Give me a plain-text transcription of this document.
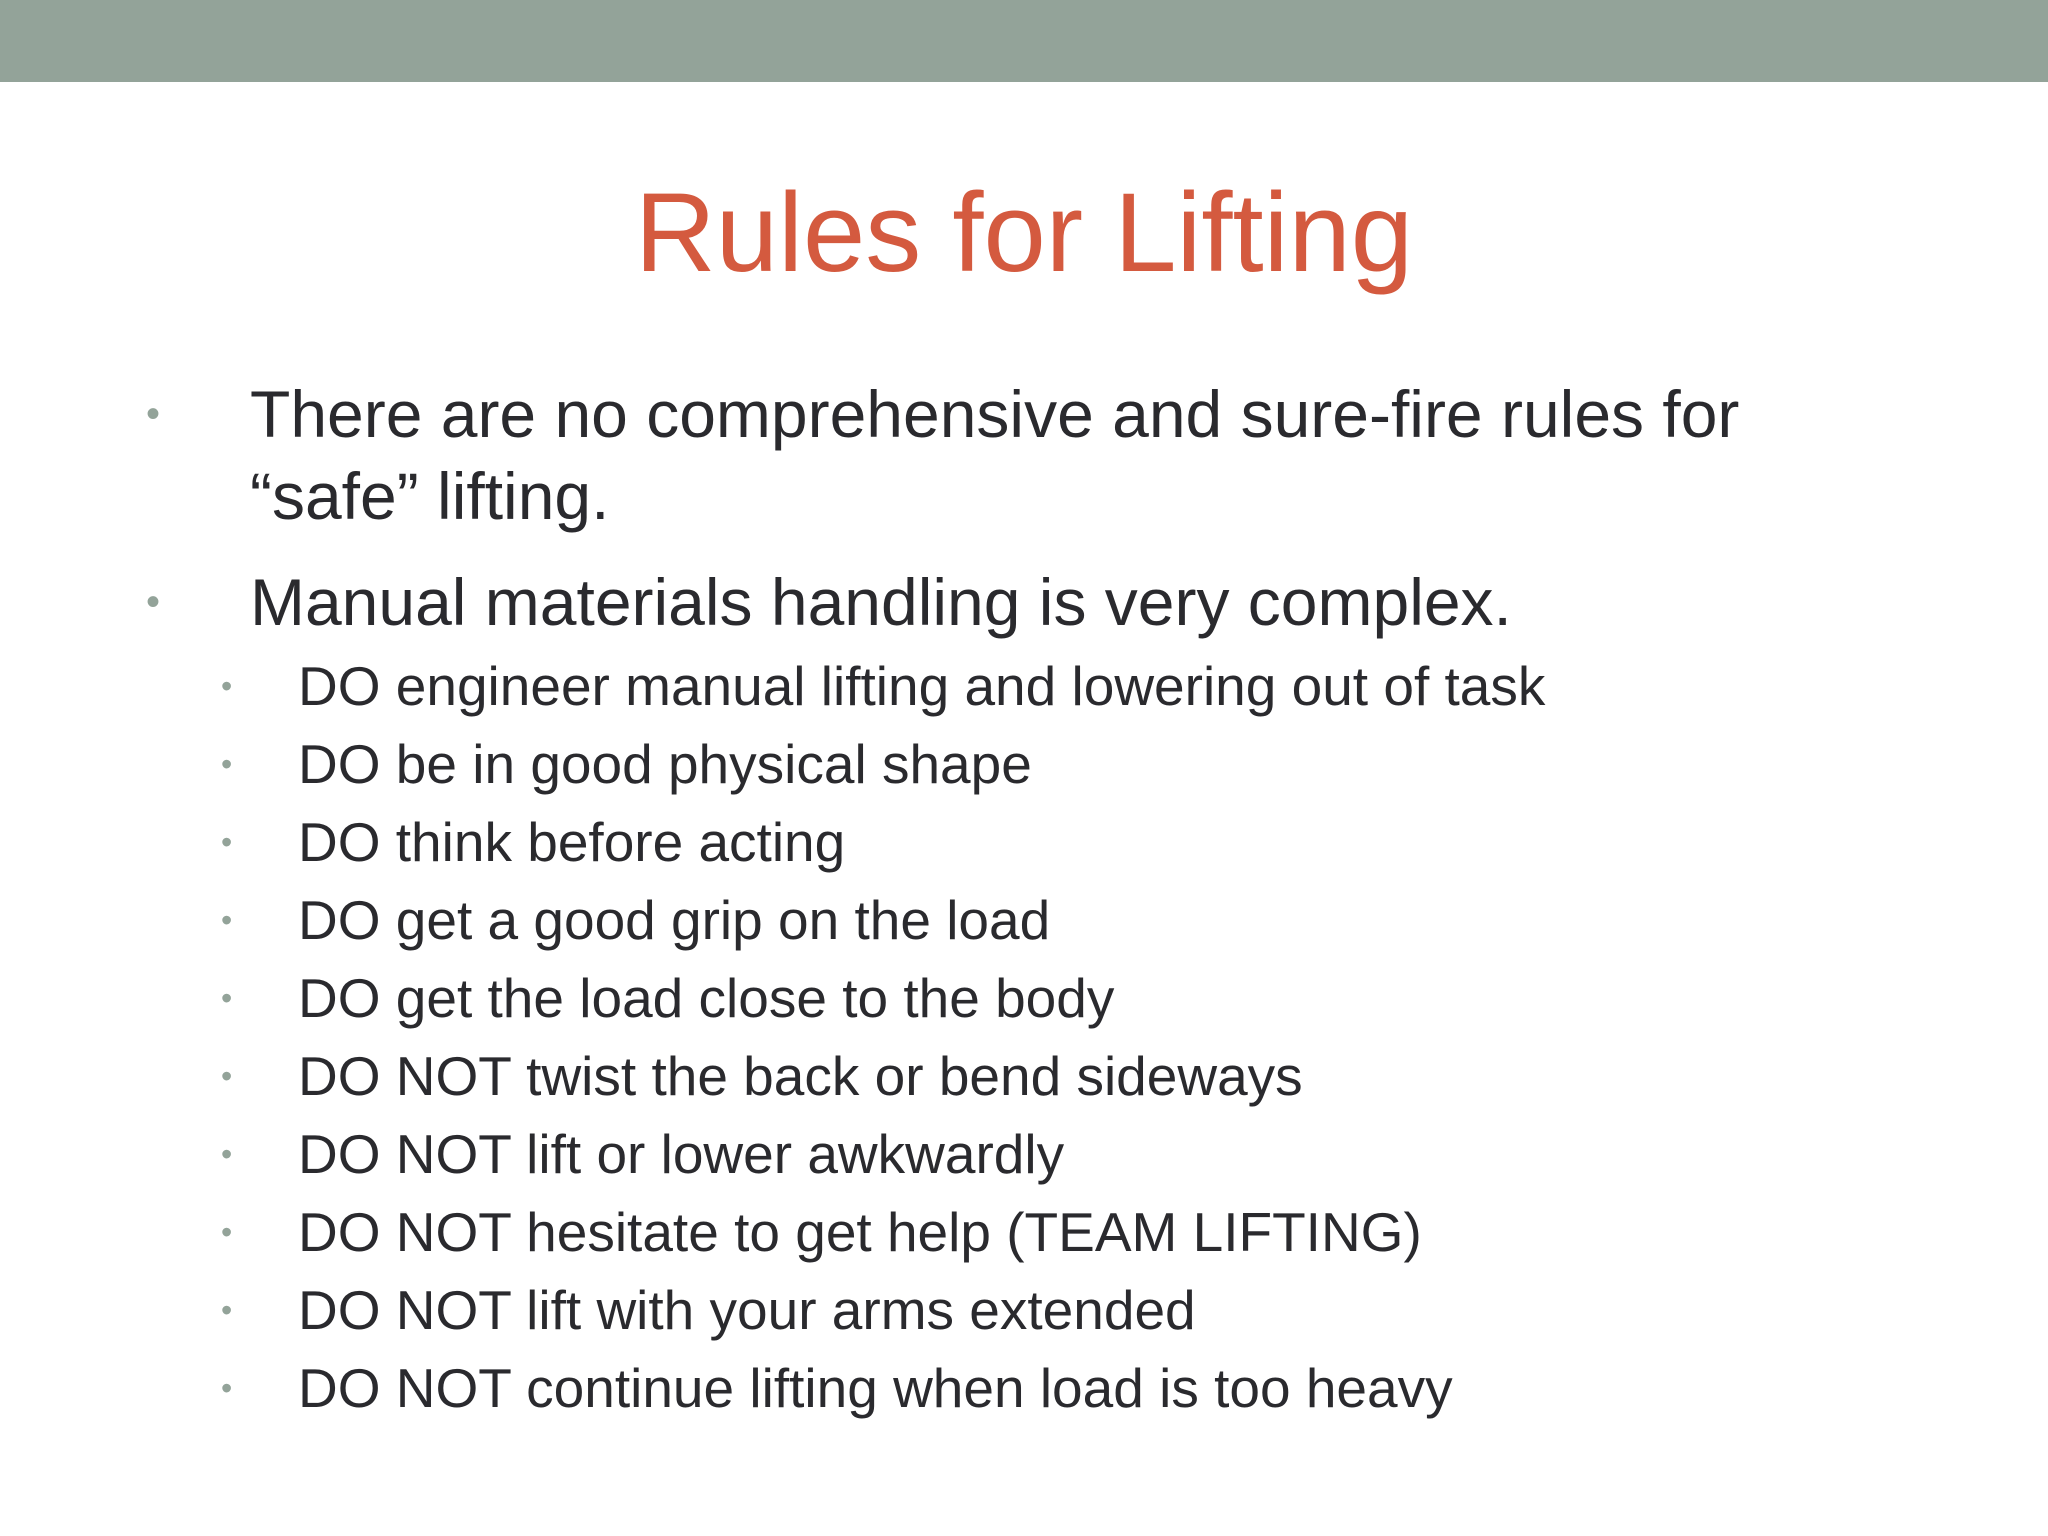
Rules for Lifting
• There are no comprehensive and sure-fire rules for “safe” lifting.
• Manual materials handling is very complex.
• DO engineer manual lifting and lowering out of task
• DO be in good physical shape
• DO think before acting
• DO get a good grip on the load
• DO get the load close to the body
• DO NOT twist the back or bend sideways
• DO NOT lift or lower awkwardly
• DO NOT hesitate to get help (TEAM LIFTING)
• DO NOT lift with your arms extended
• DO NOT continue lifting when load is too heavy
